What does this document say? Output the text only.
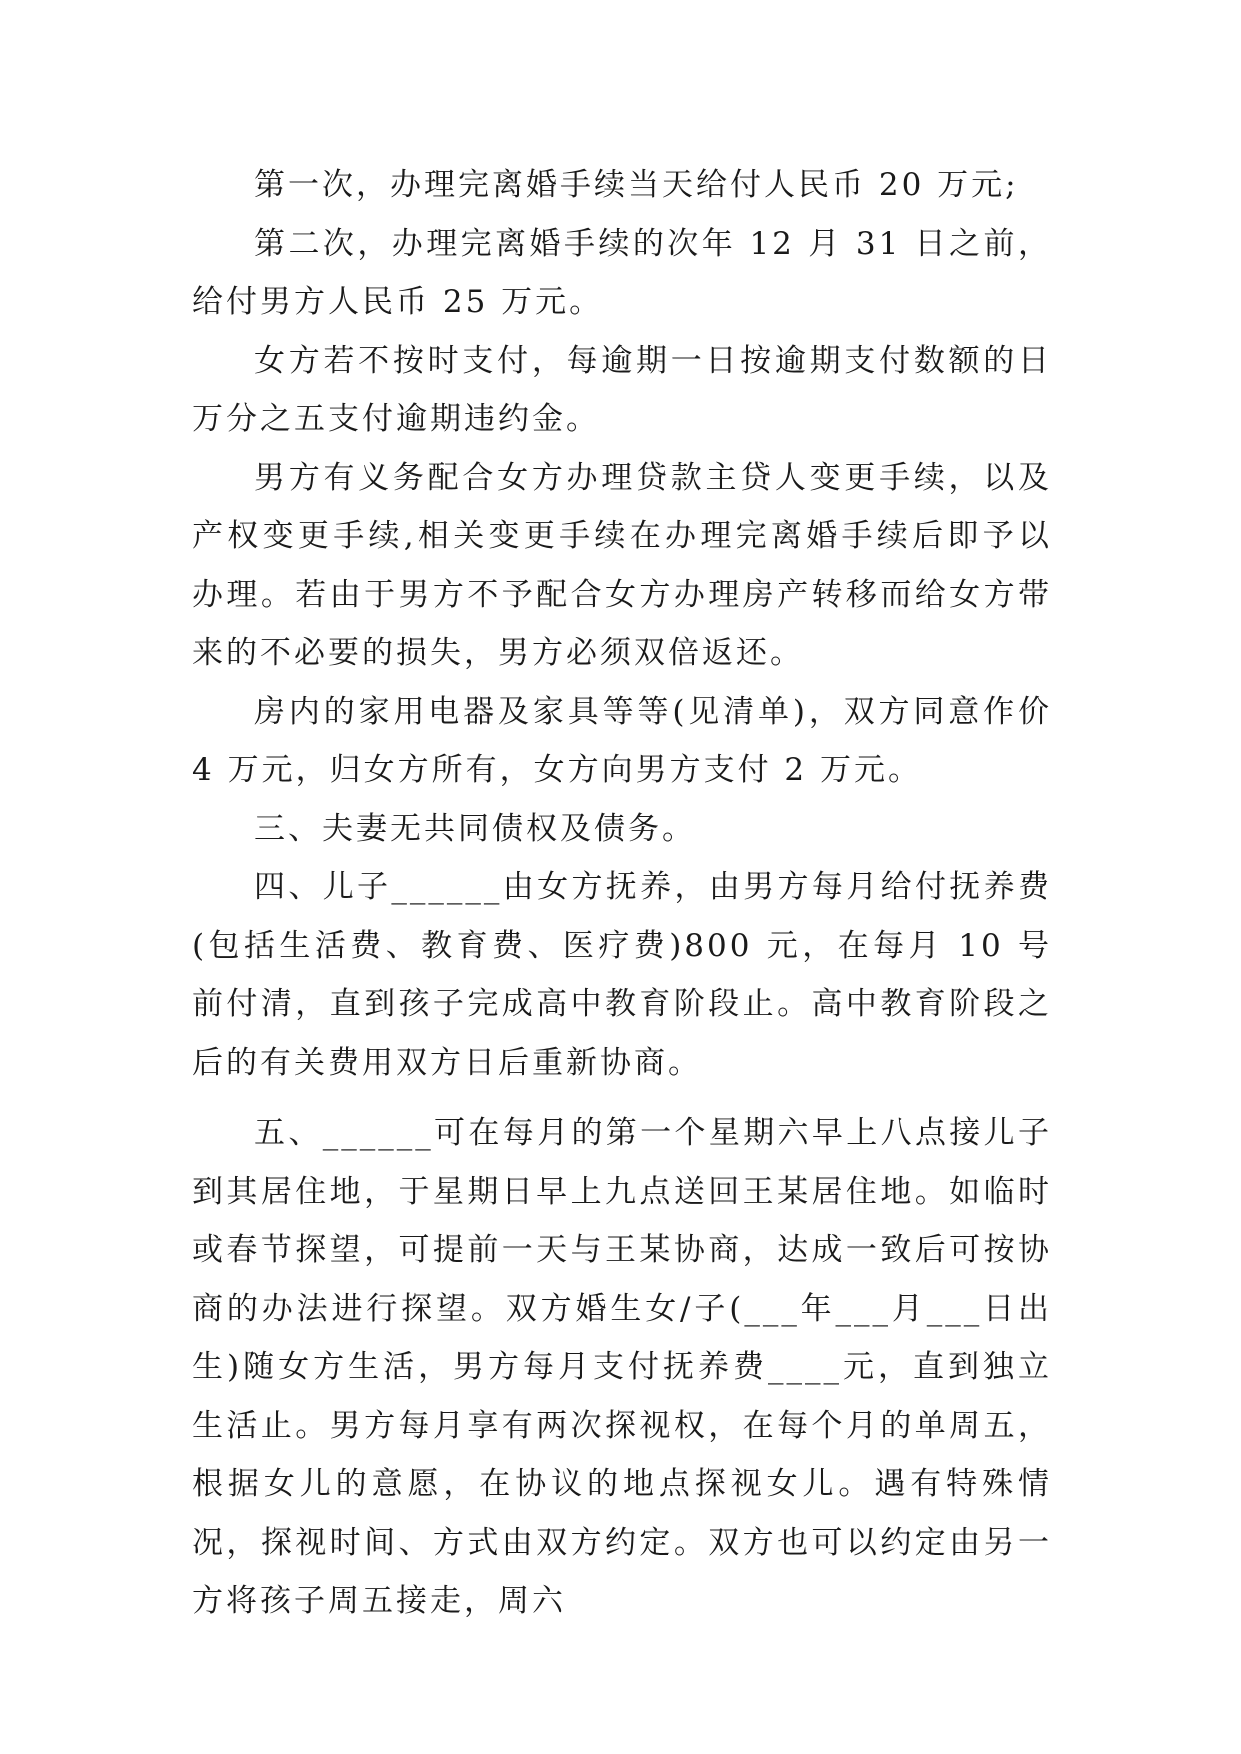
第一次，办理完离婚手续当天给付人民币 20 万元;

第二次，办理完离婚手续的次年 12 月 31 日之前，给付男方人民币 25 万元。

女方若不按时支付，每逾期一日按逾期支付数额的日万分之五支付逾期违约金。

男方有义务配合女方办理贷款主贷人变更手续，以及产权变更手续,相关变更手续在办理完离婚手续后即予以办理。若由于男方不予配合女方办理房产转移而给女方带来的不必要的损失，男方必须双倍返还。

房内的家用电器及家具等等(见清单)，双方同意作价 4 万元，归女方所有，女方向男方支付 2 万元。

三、夫妻无共同债权及债务。

四、儿子______由女方抚养，由男方每月给付抚养费(包括生活费、教育费、医疗费)800 元，在每月 10 号前付清，直到孩子完成高中教育阶段止。高中教育阶段之后的有关费用双方日后重新协商。

五、______可在每月的第一个星期六早上八点接儿子到其居住地，于星期日早上九点送回王某居住地。如临时或春节探望，可提前一天与王某协商，达成一致后可按协商的办法进行探望。双方婚生女/子(___年___月___日出生)随女方生活，男方每月支付抚养费____元，直到独立生活止。男方每月享有两次探视权，在每个月的单周五，根据女儿的意愿，在协议的地点探视女儿。遇有特殊情况，探视时间、方式由双方约定。双方也可以约定由另一方将孩子周五接走，周六
